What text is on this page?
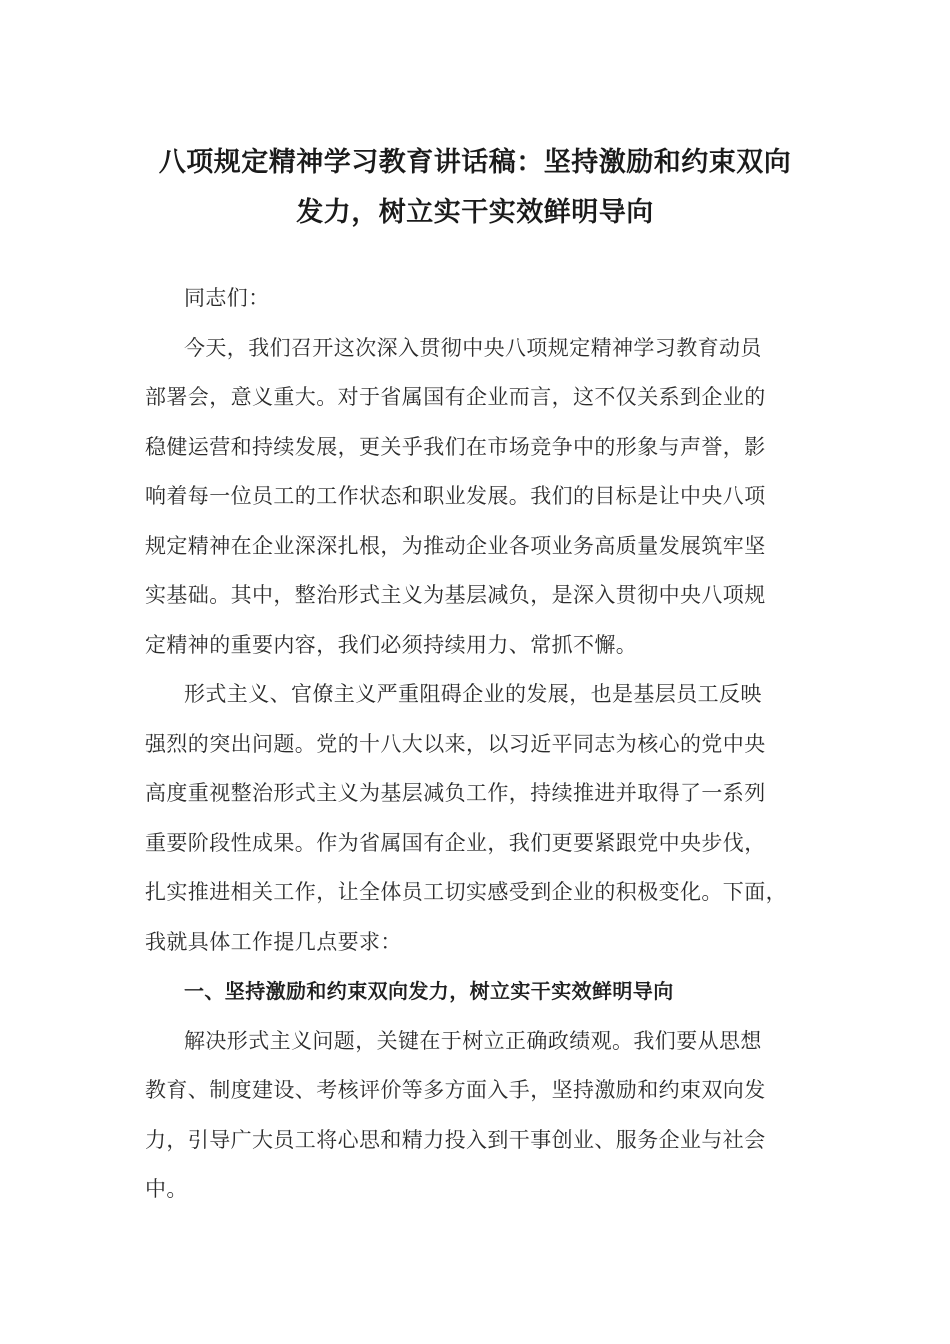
八项规定精神学习教育讲话稿：坚持激励和约束双向
发力，树立实干实效鲜明导向
同志们：
今天，我们召开这次深入贯彻中央八项规定精神学习教育动员
部署会，意义重大。对于省属国有企业而言，这不仅关系到企业的
稳健运营和持续发展，更关乎我们在市场竞争中的形象与声誉，影
响着每一位员工的工作状态和职业发展。我们的目标是让中央八项
规定精神在企业深深扎根，为推动企业各项业务高质量发展筑牢坚
实基础。其中，整治形式主义为基层减负，是深入贯彻中央八项规
定精神的重要内容，我们必须持续用力、常抓不懈。
形式主义、官僚主义严重阻碍企业的发展，也是基层员工反映
强烈的突出问题。党的十八大以来，以习近平同志为核心的党中央
高度重视整治形式主义为基层减负工作，持续推进并取得了一系列
重要阶段性成果。作为省属国有企业，我们更要紧跟党中央步伐，
扎实推进相关工作，让全体员工切实感受到企业的积极变化。下面，
我就具体工作提几点要求：
一、坚持激励和约束双向发力，树立实干实效鲜明导向
解决形式主义问题，关键在于树立正确政绩观。我们要从思想
教育、制度建设、考核评价等多方面入手，坚持激励和约束双向发
力，引导广大员工将心思和精力投入到干事创业、服务企业与社会
中。
